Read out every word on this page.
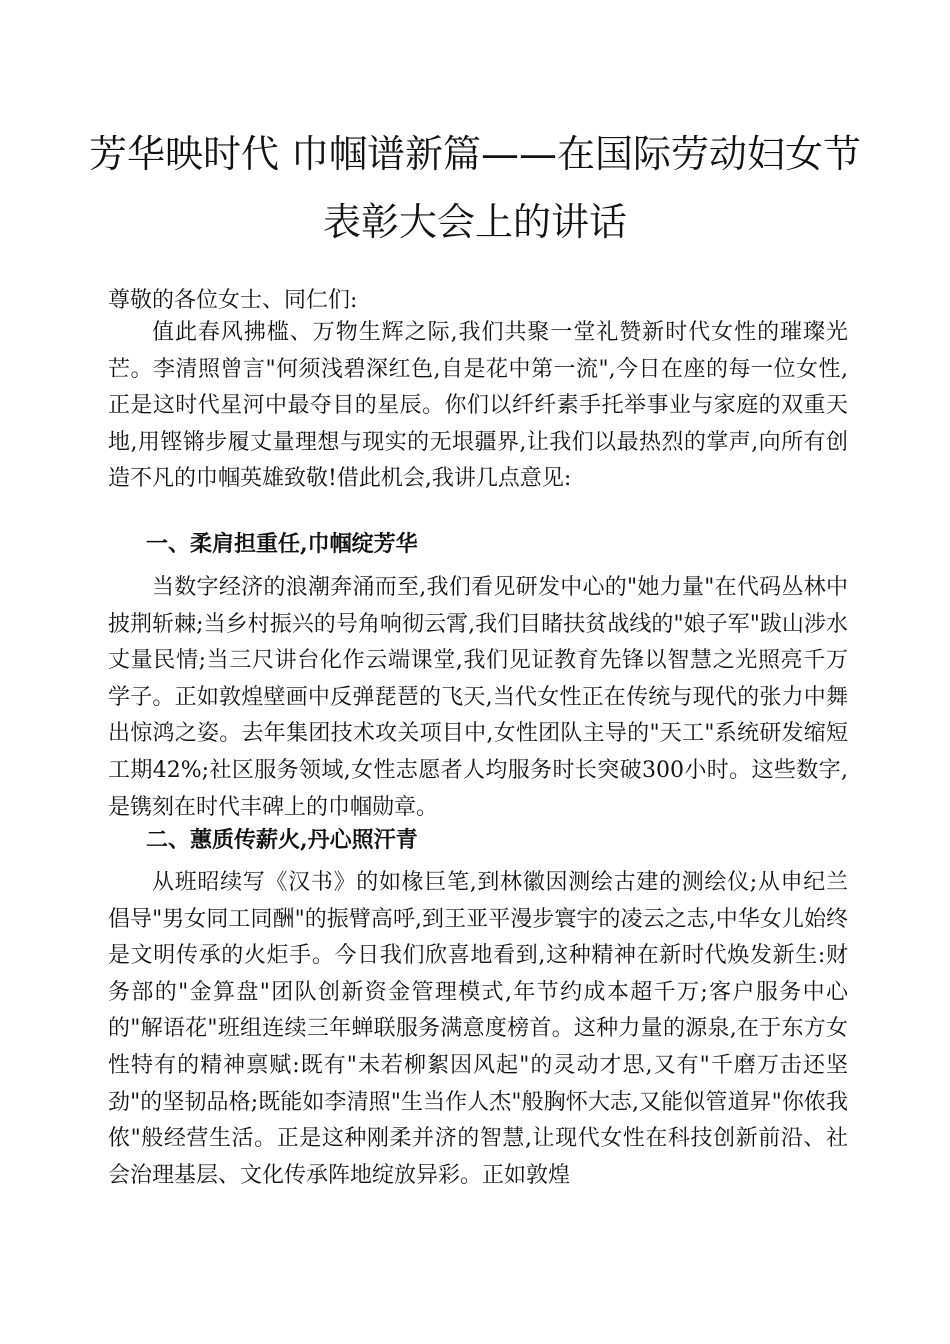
芳华映时代 巾帼谱新篇——在国际劳动妇女节
表彰大会上的讲话
尊敬的各位女士、同仁们:
值此春风拂槛、万物生辉之际,我们共聚一堂礼赞新时代女性的璀璨光芒。李清照曾言"何须浅碧深红色,自是花中第一流",今日在座的每一位女性,正是这时代星河中最夺目的星辰。你们以纤纤素手托举事业与家庭的双重天地,用铿锵步履丈量理想与现实的无垠疆界,让我们以最热烈的掌声,向所有创造不凡的巾帼英雄致敬!借此机会,我讲几点意见:
一、柔肩担重任,巾帼绽芳华
当数字经济的浪潮奔涌而至,我们看见研发中心的"她力量"在代码丛林中披荆斩棘;当乡村振兴的号角响彻云霄,我们目睹扶贫战线的"娘子军"跋山涉水丈量民情;当三尺讲台化作云端课堂,我们见证教育先锋以智慧之光照亮千万学子。正如敦煌壁画中反弹琵琶的飞天,当代女性正在传统与现代的张力中舞出惊鸿之姿。去年集团技术攻关项目中,女性团队主导的"天工"系统研发缩短工期42%;社区服务领域,女性志愿者人均服务时长突破300小时。这些数字,是镌刻在时代丰碑上的巾帼勋章。
二、蕙质传薪火,丹心照汗青
从班昭续写《汉书》的如椽巨笔,到林徽因测绘古建的测绘仪;从申纪兰倡导"男女同工同酬"的振臂高呼,到王亚平漫步寰宇的凌云之志,中华女儿始终是文明传承的火炬手。今日我们欣喜地看到,这种精神在新时代焕发新生:财务部的"金算盘"团队创新资金管理模式,年节约成本超千万;客户服务中心的"解语花"班组连续三年蝉联服务满意度榜首。这种力量的源泉,在于东方女性特有的精神禀赋:既有"未若柳絮因风起"的灵动才思,又有"千磨万击还坚劲"的坚韧品格;既能如李清照"生当作人杰"般胸怀大志,又能似管道昇"你侬我侬"般经营生活。正是这种刚柔并济的智慧,让现代女性在科技创新前沿、社会治理基层、文化传承阵地绽放异彩。正如敦煌
